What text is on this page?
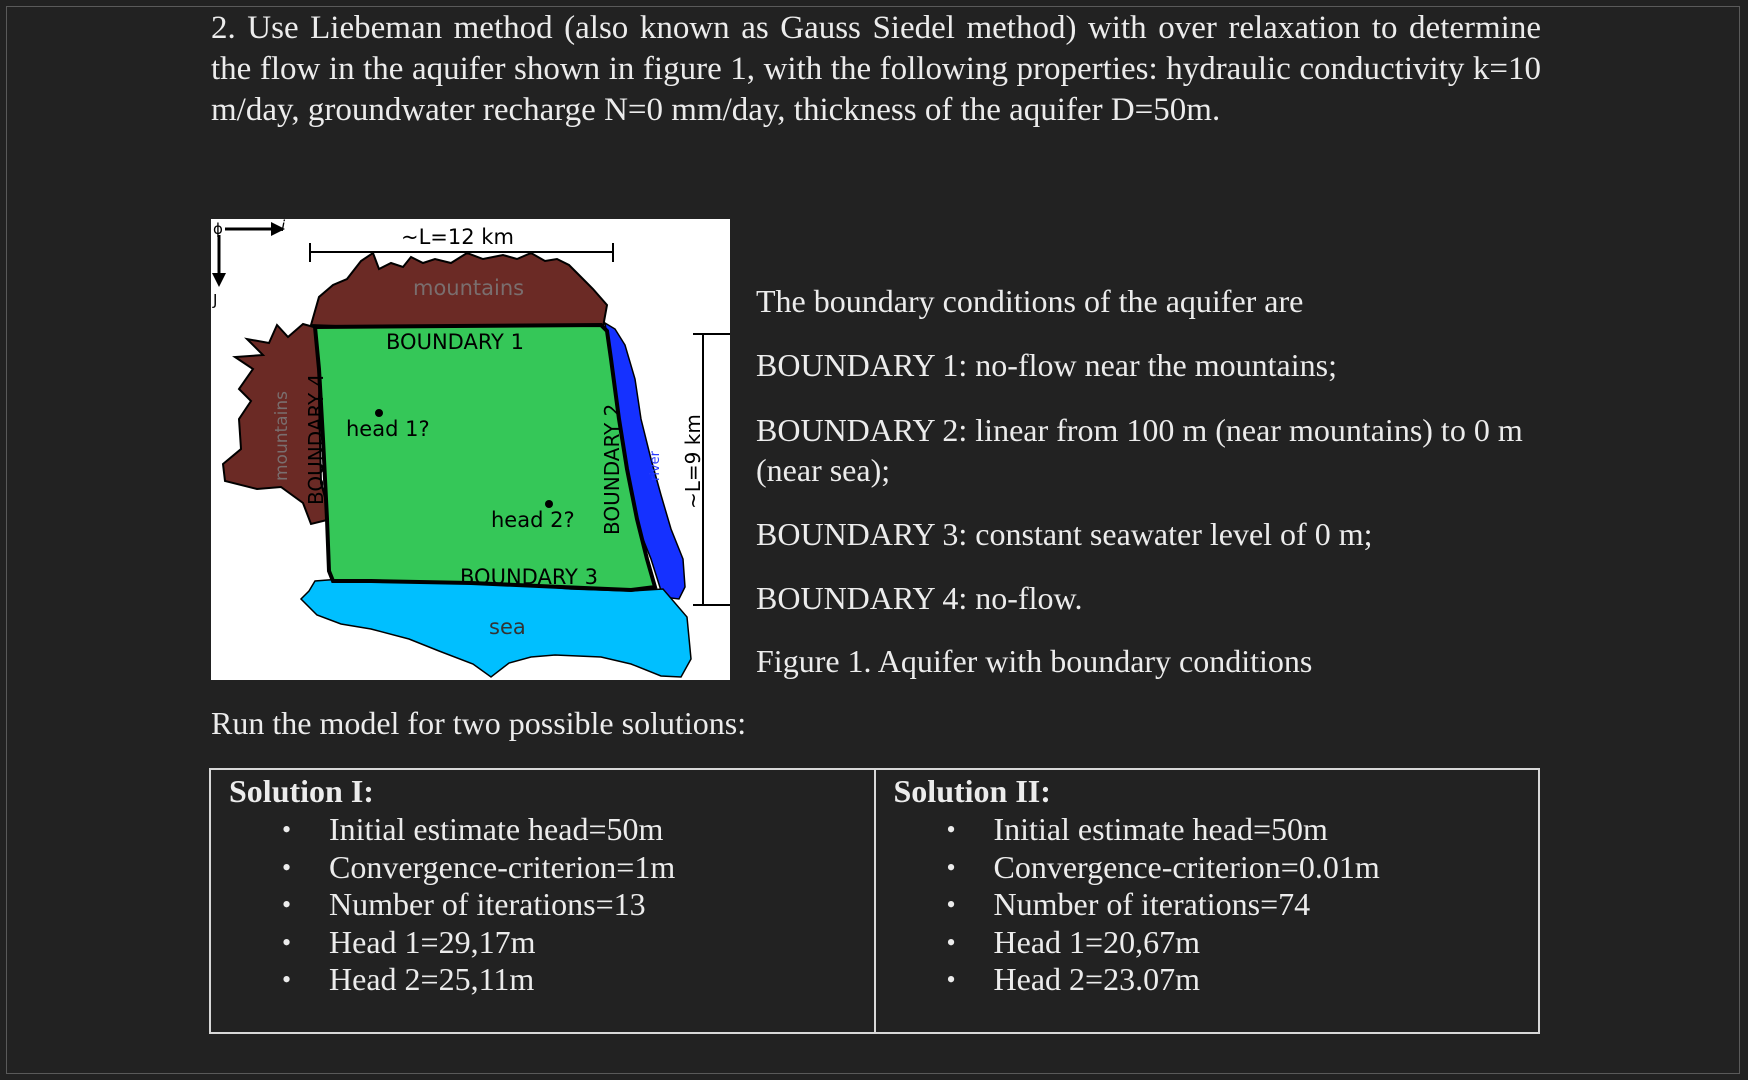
2. Use Liebeman method (also known as Gauss Siedel method) with over relaxation to determine the flow in the aquifer shown in figure 1, with the following properties: hydraulic conductivity k=10 m/day, groundwater recharge N=0 mm/day, thickness of the aquifer D=50m.
ϕ	i
J
~L=12 km
mountains
mountains	river
sea
BOUNDARY 1
BOUNDARY 3
BOUNDARY 4	BOUNDARY 2
head 1?
head 2?
~L=9 km
The boundary conditions of the aquifer are
BOUNDARY 1: no-flow near the mountains;
BOUNDARY 2: linear from 100 m (near mountains) to 0 m (near sea);
BOUNDARY 3: constant seawater level of 0 m;
BOUNDARY 4: no-flow.
Figure 1. Aquifer with boundary conditions
Run the model for two possible solutions:
Solution I:
• Initial estimate head=50m
• Convergence-criterion=1m
• Number of iterations=13
• Head 1=29,17m
• Head 2=25,11m
Solution II:
• Initial estimate head=50m
• Convergence-criterion=0.01m
• Number of iterations=74
• Head 1=20,67m
• Head 2=23.07m
